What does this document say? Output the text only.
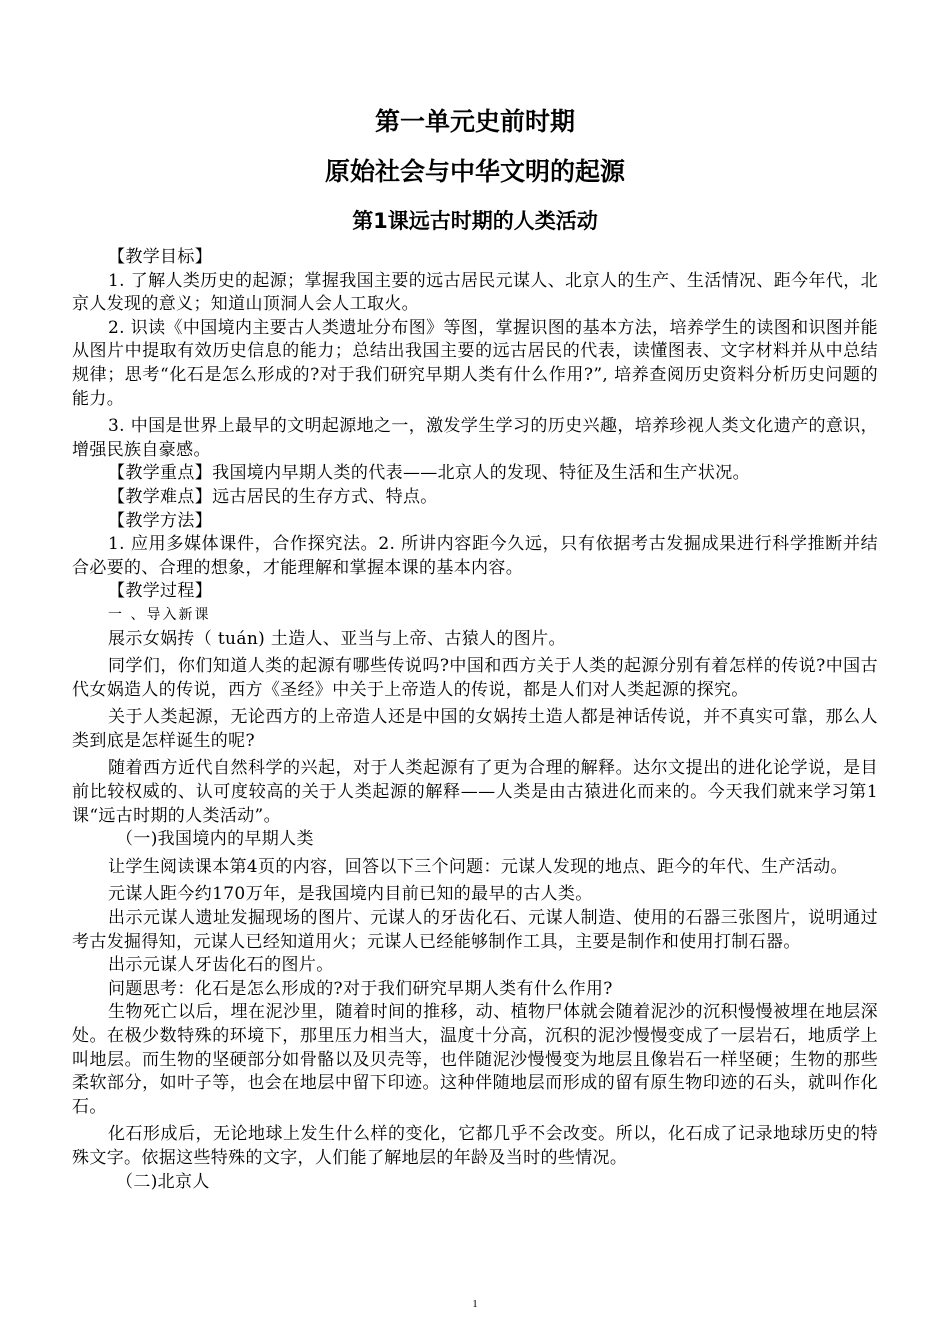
第一单元史前时期
原始社会与中华文明的起源
第1课远古时期的人类活动

【教学目标】

1. 了解人类历史的起源；掌握我国主要的远古居民元谋人、北京人的生产、生活情况、距今年代，北京人发现的意义；知道山顶洞人会人工取火。

2. 识读《中国境内主要古人类遗址分布图》等图，掌握识图的基本方法，培养学生的读图和识图并能从图片中提取有效历史信息的能力；总结出我国主要的远古居民的代表，读懂图表、文字材料并从中总结规律；思考“化石是怎么形成的?对于我们研究早期人类有什么作用?”, 培养查阅历史资料分析历史问题的能力。

3. 中国是世界上最早的文明起源地之一，激发学生学习的历史兴趣，培养珍视人类文化遗产的意识，增强民族自豪感。

【教学重点】我国境内早期人类的代表——北京人的发现、特征及生活和生产状况。

【教学难点】远古居民的生存方式、特点。

【教学方法】

1. 应用多媒体课件，合作探究法。2. 所讲内容距今久远，只有依据考古发掘成果进行科学推断并结合必要的、合理的想象，才能理解和掌握本课的基本内容。

【教学过程】

一 、导入新课

展示女娲抟（ tuán) 土造人、亚当与上帝、古猿人的图片。

同学们，你们知道人类的起源有哪些传说吗?中国和西方关于人类的起源分别有着怎样的传说?中国古代女娲造人的传说，西方《圣经》中关于上帝造人的传说，都是人们对人类起源的探究。

关于人类起源，无论西方的上帝造人还是中国的女娲抟土造人都是神话传说，并不真实可靠，那么人类到底是怎样诞生的呢?

随着西方近代自然科学的兴起，对于人类起源有了更为合理的解释。达尔文提出的进化论学说，是目前比较权威的、认可度较高的关于人类起源的解释——人类是由古猿进化而来的。今天我们就来学习第1课“远古时期的人类活动”。

（一)我国境内的早期人类

让学生阅读课本第4页的内容，回答以下三个问题：元谋人发现的地点、距今的年代、生产活动。

元谋人距今约170万年，是我国境内目前已知的最早的古人类。

出示元谋人遗址发掘现场的图片、元谋人的牙齿化石、元谋人制造、使用的石器三张图片，说明通过考古发掘得知，元谋人已经知道用火；元谋人已经能够制作工具，主要是制作和使用打制石器。

出示元谋人牙齿化石的图片。

问题思考：化石是怎么形成的?对于我们研究早期人类有什么作用?

生物死亡以后，埋在泥沙里，随着时间的推移，动、植物尸体就会随着泥沙的沉积慢慢被埋在地层深处。在极少数特殊的环境下，那里压力相当大，温度十分高，沉积的泥沙慢慢变成了一层岩石，地质学上叫地层。而生物的坚硬部分如骨骼以及贝壳等，也伴随泥沙慢慢变为地层且像岩石一样坚硬；生物的那些柔软部分，如叶子等，也会在地层中留下印迹。这种伴随地层而形成的留有原生物印迹的石头，就叫作化石。

化石形成后，无论地球上发生什么样的变化，它都几乎不会改变。所以，化石成了记录地球历史的特殊文字。依据这些特殊的文字，人们能了解地层的年龄及当时的些情况。

（二)北京人

1
